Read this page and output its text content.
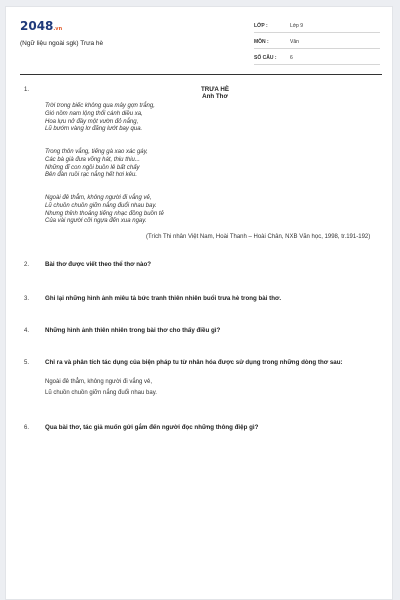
2048.vn
(Ngữ liệu ngoài sgk) Trưa hè
LỚP :	Lớp 9
MÔN :	Văn
SỐ CÂU :	6
1.	TRƯA HÈ
Anh Thơ
Trời trong biếc không qua mây gợn trắng,
Gió nồm nam lộng thổi cánh diều xa,
Hoa lựu nở đầy một vườn đỏ nắng,
Lũ bướm vàng lơ đãng lướt bay qua.
Trong thôn vắng, tiếng gà xao xác gáy,
Các bà già đưa võng hát, thiu thiu...
Những đĩ con ngồi buồn lê bất chấy
Bên đàn ruồi rạc nắng hết hơi kêu.
Ngoài đê thẳm, không người đi vắng vẻ,
Lũ chuồn chuồn giỡn nắng đuổi nhau bay.
Nhưng thỉnh thoảng tiếng nhạc đồng buồn tẻ
Của vài người cỡi ngựa đến xua ngay.
(Trích Thi nhân Việt Nam, Hoài Thanh – Hoài Chân, NXB Văn học, 1998, tr.191-192)
2.	Bài thơ được viết theo thể thơ nào?
3.	Ghi lại những hình ảnh miêu tả bức tranh thiên nhiên buổi trưa hè trong bài thơ.
4.	Những hình ảnh thiên nhiên trong bài thơ cho thấy điều gì?
5.	Chỉ ra và phân tích tác dụng của biện pháp tu từ nhân hóa được sử dụng trong những dòng thơ sau:
Ngoài đê thẳm, không người đi vắng vẻ,
Lũ chuồn chuồn giỡn nắng đuổi nhau bay.
6.	Qua bài thơ, tác giả muốn gửi gắm đến người đọc những thông điệp gì?
